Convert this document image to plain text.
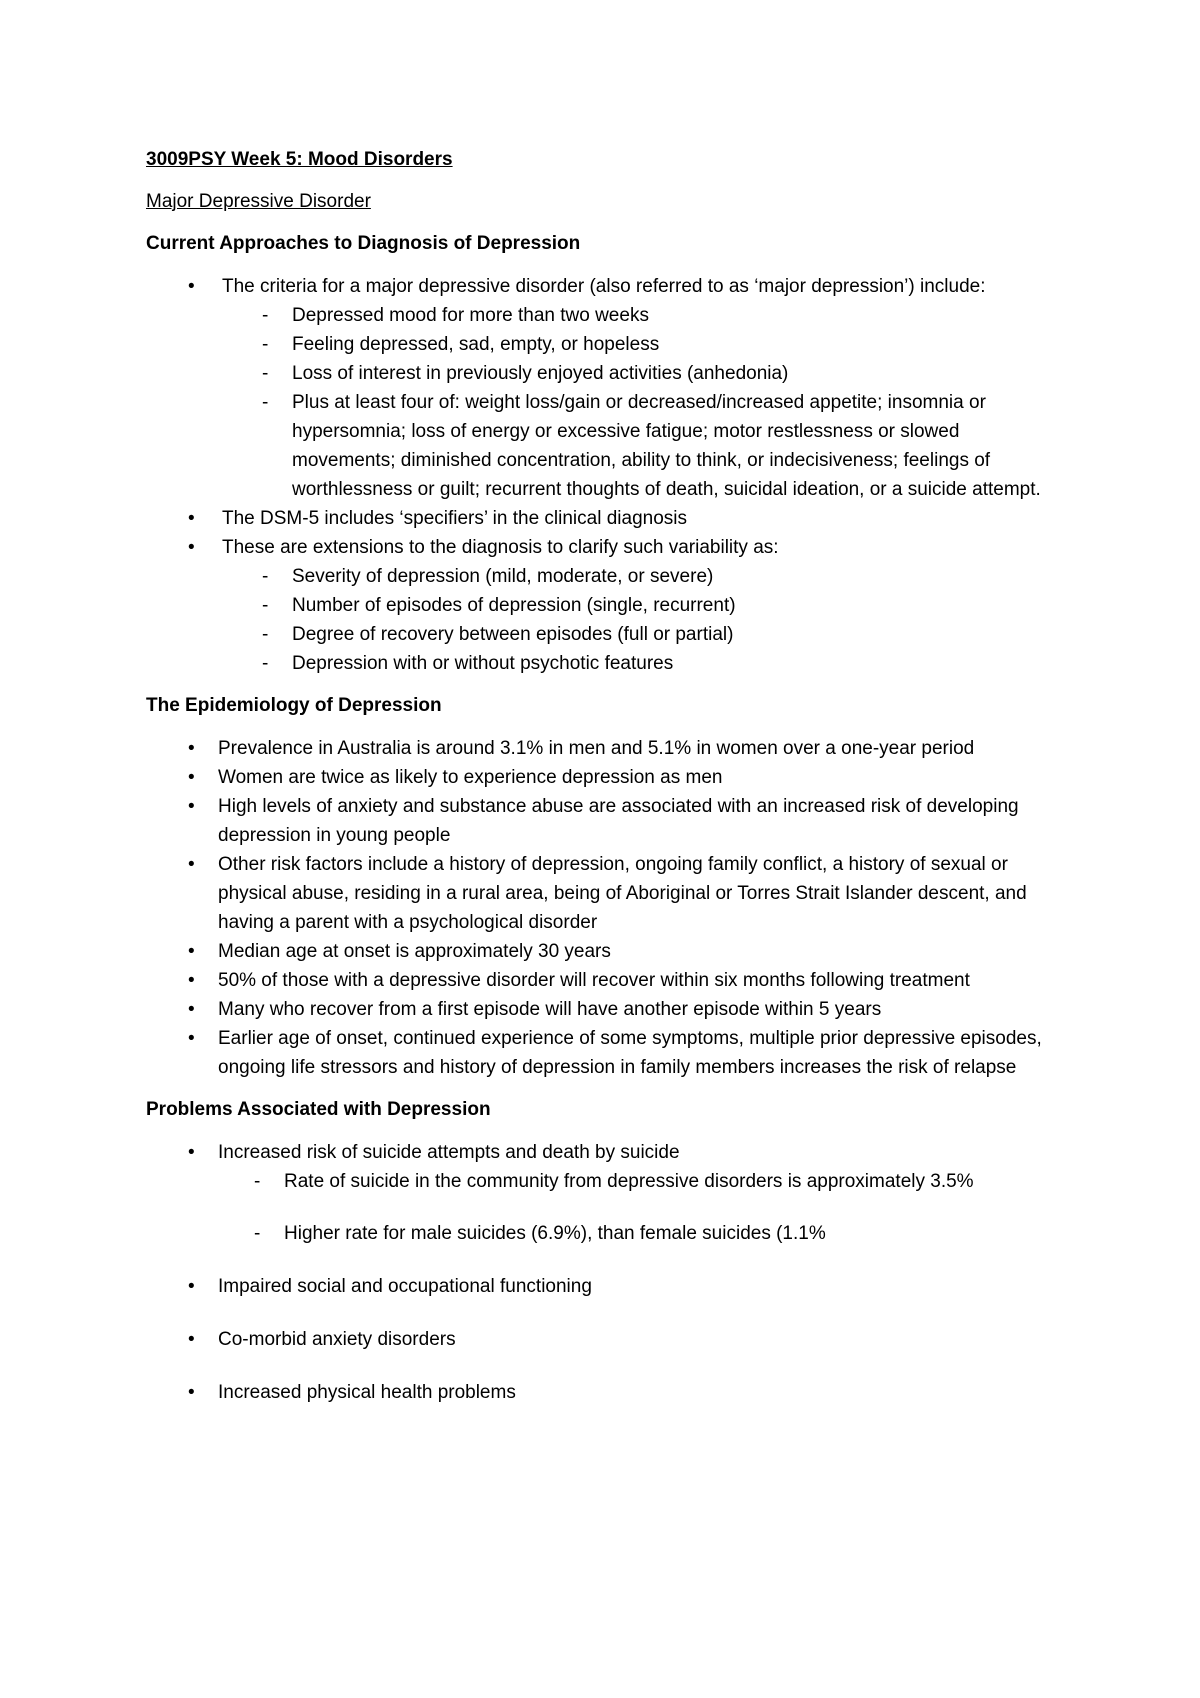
3009PSY Week 5: Mood Disorders
Major Depressive Disorder
Current Approaches to Diagnosis of Depression
• The criteria for a major depressive disorder (also referred to as ‘major depression’) include:
-	Depressed mood for more than two weeks
-	Feeling depressed, sad, empty, or hopeless
-	Loss of interest in previously enjoyed activities (anhedonia)
-	Plus at least four of: weight loss/gain or decreased/increased appetite; insomnia or hypersomnia; loss of energy or excessive fatigue; motor restlessness or slowed movements; diminished concentration, ability to think, or indecisiveness; feelings of worthlessness or guilt; recurrent thoughts of death, suicidal ideation, or a suicide attempt.
• The DSM-5 includes ‘specifiers’ in the clinical diagnosis
• These are extensions to the diagnosis to clarify such variability as:
-	Severity of depression (mild, moderate, or severe)
-	Number of episodes of depression (single, recurrent)
-	Degree of recovery between episodes (full or partial)
-	Depression with or without psychotic features
The Epidemiology of Depression
• Prevalence in Australia is around 3.1% in men and 5.1% in women over a one-year period
• Women are twice as likely to experience depression as men
• High levels of anxiety and substance abuse are associated with an increased risk of developing depression in young people
• Other risk factors include a history of depression, ongoing family conflict, a history of sexual or physical abuse, residing in a rural area, being of Aboriginal or Torres Strait Islander descent, and having a parent with a psychological disorder
• Median age at onset is approximately 30 years
• 50% of those with a depressive disorder will recover within six months following treatment
• Many who recover from a first episode will have another episode within 5 years
• Earlier age of onset, continued experience of some symptoms, multiple prior depressive episodes, ongoing life stressors and history of depression in family members increases the risk of relapse
Problems Associated with Depression
• Increased risk of suicide attempts and death by suicide
-	Rate of suicide in the community from depressive disorders is approximately 3.5%
-	Higher rate for male suicides (6.9%), than female suicides (1.1%
• Impaired social and occupational functioning
• Co-morbid anxiety disorders
• Increased physical health problems
